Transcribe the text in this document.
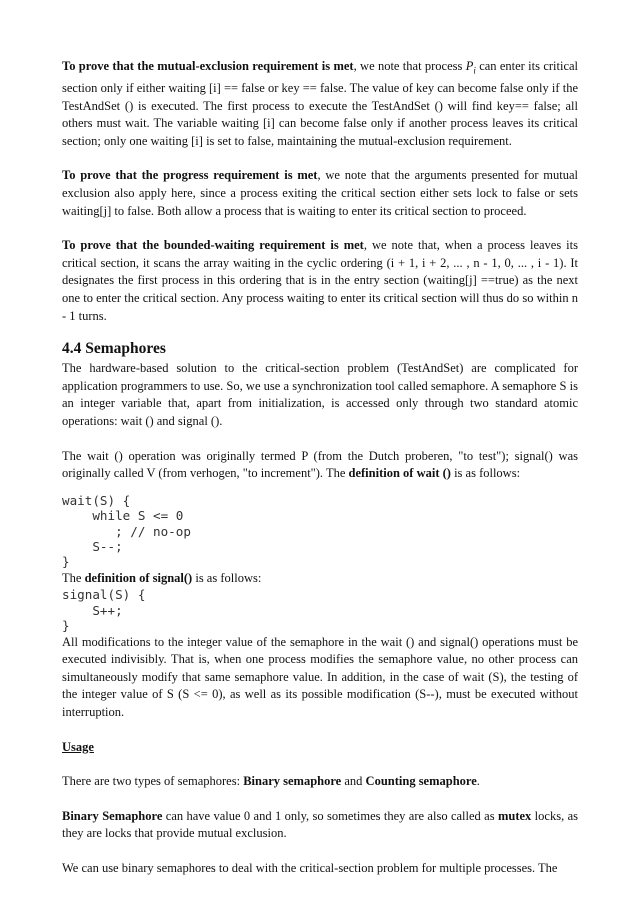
To prove that the mutual-exclusion requirement is met, we note that process $P_i$ can enter its critical section only if either waiting [i] == false or key == false. The value of key can become false only if the TestAndSet () is executed. The first process to execute the TestAndSet () will find key== false; all others must wait. The variable waiting [i] can become false only if another process leaves its critical section; only one waiting [i] is set to false, maintaining the mutual-exclusion requirement.

To prove that the progress requirement is met, we note that the arguments presented for mutual exclusion also apply here, since a process exiting the critical section either sets lock to false or sets waiting[j] to false. Both allow a process that is waiting to enter its critical section to proceed.

To prove that the bounded-waiting requirement is met, we note that, when a process leaves its critical section, it scans the array waiting in the cyclic ordering (i + 1, i + 2, ... , n - 1, 0, ... , i - 1). It designates the first process in this ordering that is in the entry section (waiting[j] ==true) as the next one to enter the critical section. Any process waiting to enter its critical section will thus do so within n - 1 turns.

4.4 Semaphores

The hardware-based solution to the critical-section problem (TestAndSet) are complicated for application programmers to use. So, we use a synchronization tool called semaphore. A semaphore S is an integer variable that, apart from initialization, is accessed only through two standard atomic operations: wait () and signal ().

The wait () operation was originally termed P (from the Dutch proberen, "to test"); signal() was originally called V (from verhogen, "to increment"). The definition of wait () is as follows:

wait(S) {
while S <= 0
; // no-op
S--;
}

The definition of signal() is as follows:

signal(S) {
S++;
}

All modifications to the integer value of the semaphore in the wait () and signal() operations must be executed indivisibly. That is, when one process modifies the semaphore value, no other process can simultaneously modify that same semaphore value. In addition, in the case of wait (S), the testing of the integer value of S (S <= 0), as well as its possible modification (S--), must be executed without interruption.

Usage

There are two types of semaphores: Binary semaphore and Counting semaphore.

Binary Semaphore can have value 0 and 1 only, so sometimes they are also called as mutex locks, as they are locks that provide mutual exclusion.

We can use binary semaphores to deal with the critical-section problem for multiple processes. The
